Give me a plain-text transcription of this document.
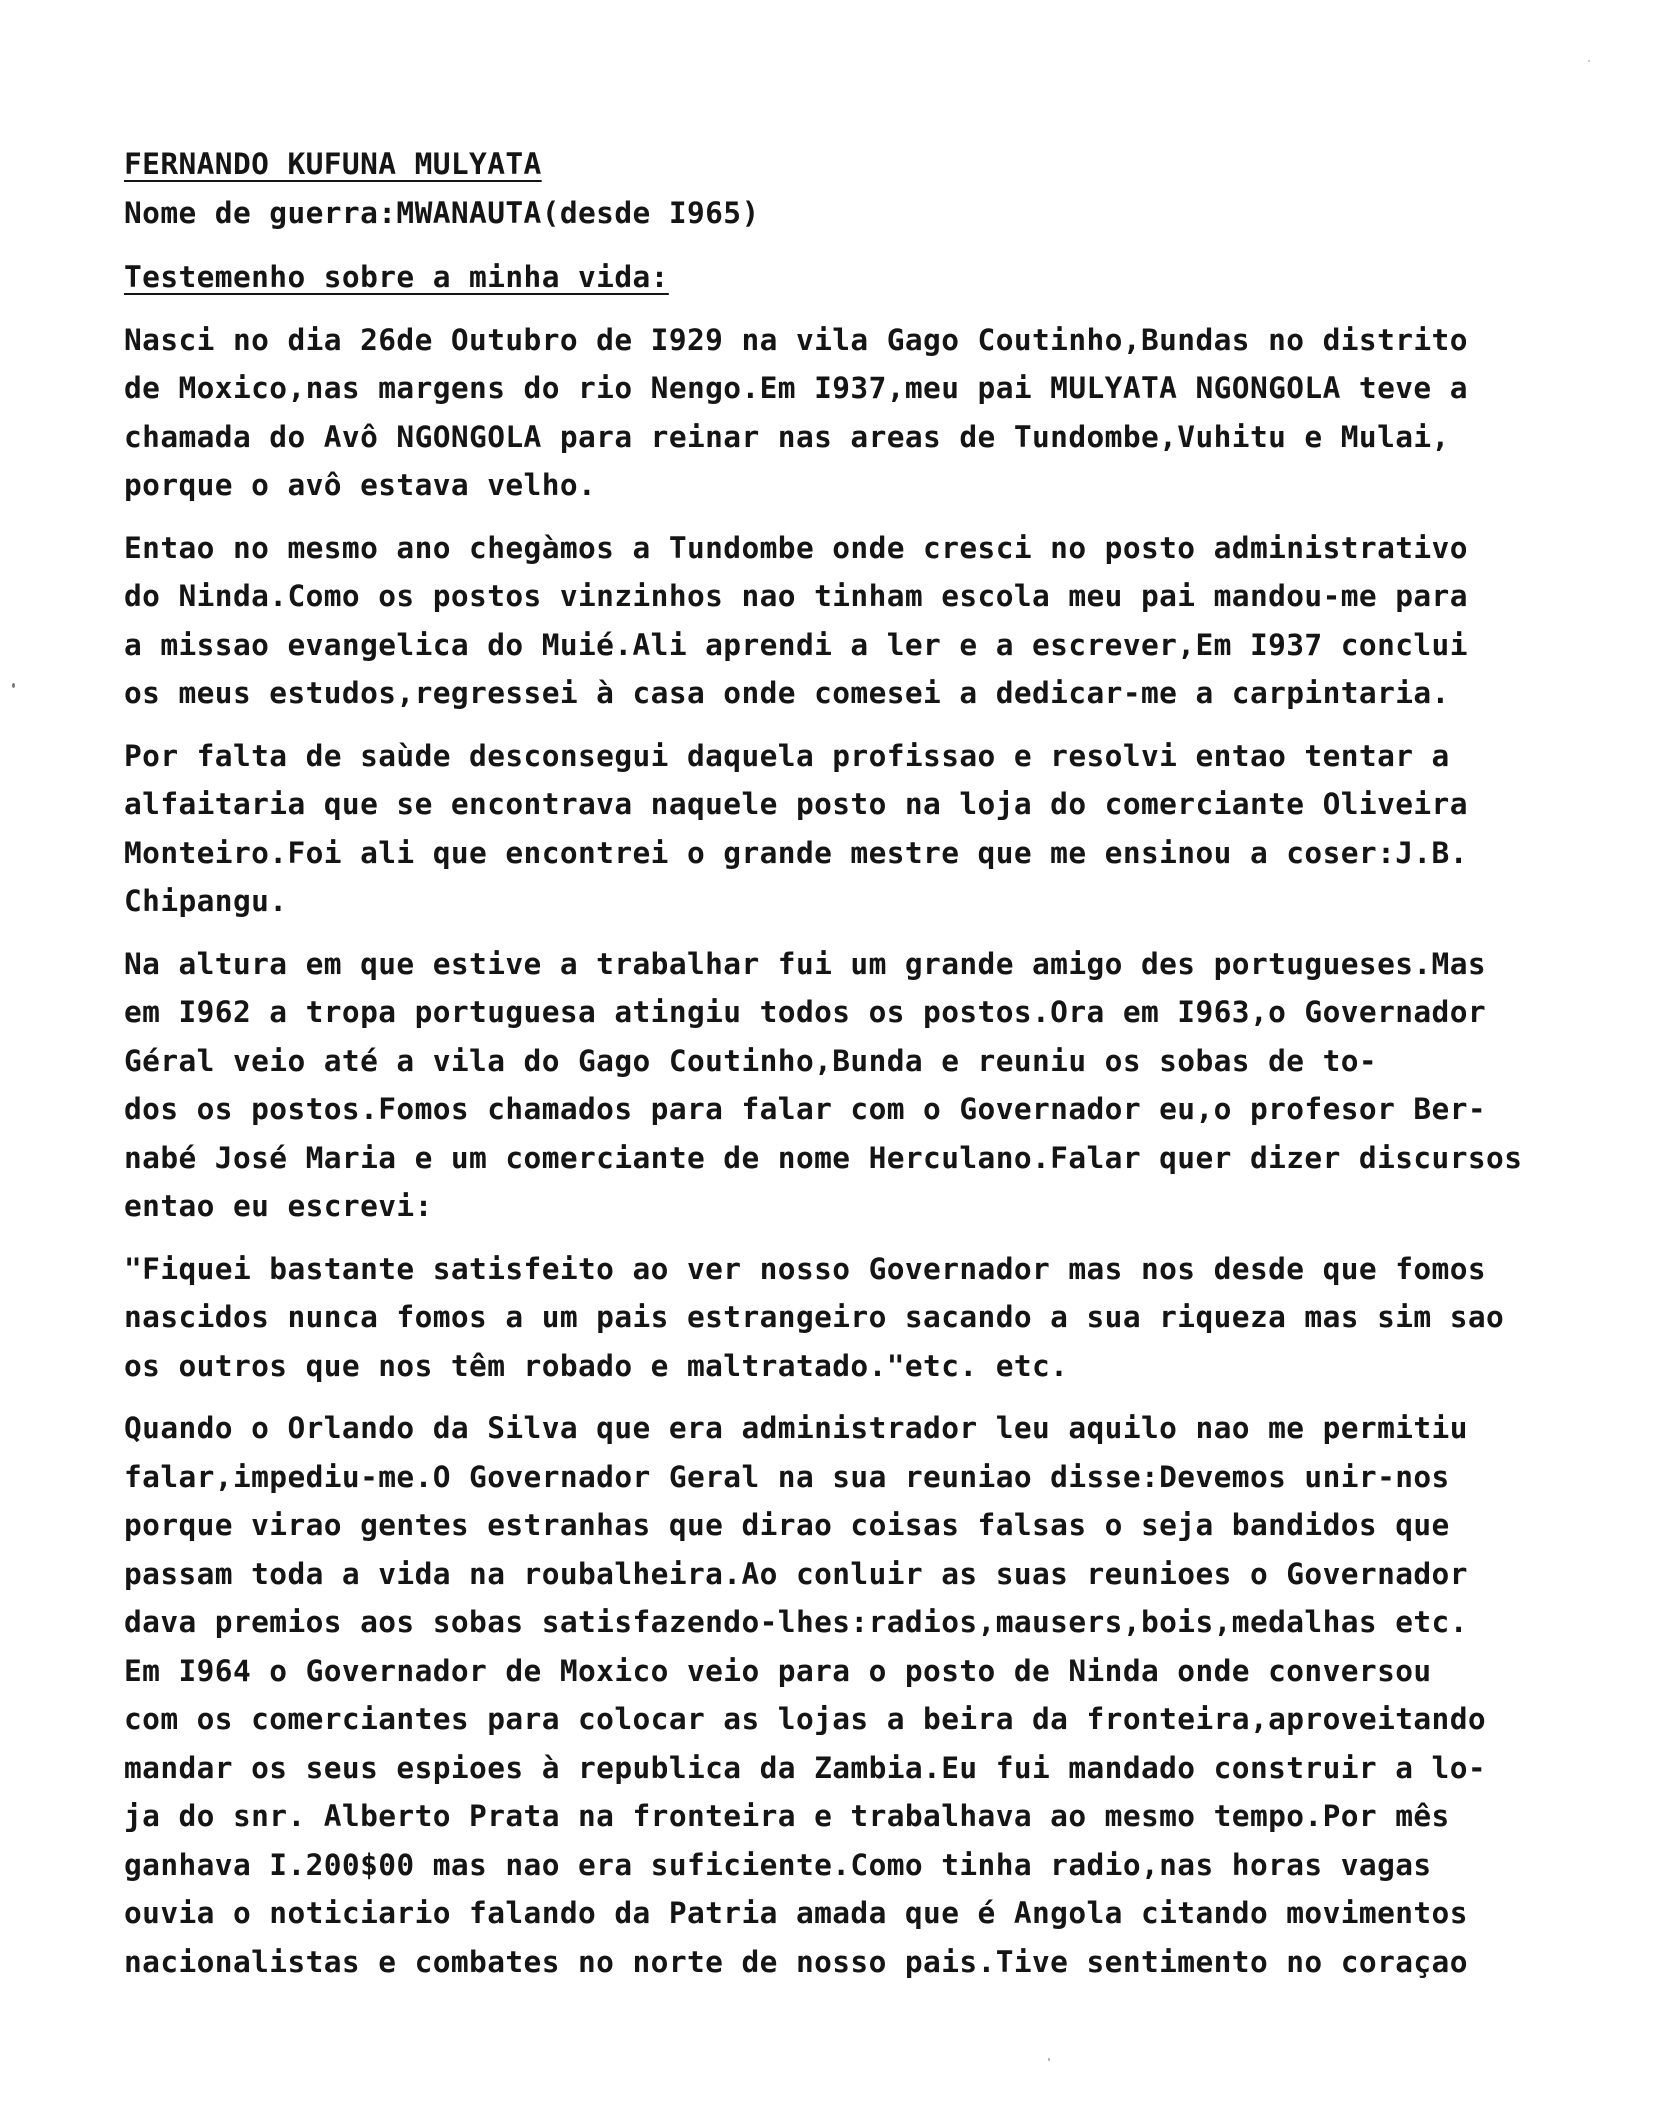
FERNANDO KUFUNA MULYATA
Nome de guerra:MWANAUTA(desde I965)
Testemenho sobre a minha vida:
Nasci no dia 26de Outubro de I929 na vila Gago Coutinho,Bundas no distrito
de Moxico,nas margens do rio Nengo.Em I937,meu pai MULYATA NGONGOLA teve a
chamada do Avô NGONGOLA para reinar nas areas de Tundombe,Vuhitu e Mulai,
porque o avô estava velho.
Entao no mesmo ano chegàmos a Tundombe onde cresci no posto administrativo
do Ninda.Como os postos vinzinhos nao tinham escola meu pai mandou-me para
a missao evangelica do Muié.Ali aprendi a ler e a escrever,Em I937 conclui
os meus estudos,regressei à casa onde comesei a dedicar-me a carpintaria.
Por falta de saùde desconsegui daquela profissao e resolvi entao tentar a
alfaitaria que se encontrava naquele posto na loja do comerciante Oliveira
Monteiro.Foi ali que encontrei o grande mestre que me ensinou a coser:J.B.
Chipangu.
Na altura em que estive a trabalhar fui um grande amigo des portugueses.Mas
em I962 a tropa portuguesa atingiu todos os postos.Ora em I963,o Governador
Géral veio até a vila do Gago Coutinho,Bunda e reuniu os sobas de to-
dos os postos.Fomos chamados para falar com o Governador eu,o profesor Ber-
nabé José Maria e um comerciante de nome Herculano.Falar quer dizer discursos
entao eu escrevi:
"Fiquei bastante satisfeito ao ver nosso Governador mas nos desde que fomos
nascidos nunca fomos a um pais estrangeiro sacando a sua riqueza mas sim sao
os outros que nos têm robado e maltratado."etc. etc.
Quando o Orlando da Silva que era administrador leu aquilo nao me permitiu
falar,impediu-me.O Governador Geral na sua reuniao disse:Devemos unir-nos
porque virao gentes estranhas que dirao coisas falsas o seja bandidos que
passam toda a vida na roubalheira.Ao conluir as suas reunioes o Governador
dava premios aos sobas satisfazendo-lhes:radios,mausers,bois,medalhas etc.
Em I964 o Governador de Moxico veio para o posto de Ninda onde conversou
com os comerciantes para colocar as lojas a beira da fronteira,aproveitando
mandar os seus espioes à republica da Zambia.Eu fui mandado construir a lo-
ja do snr. Alberto Prata na fronteira e trabalhava ao mesmo tempo.Por mês
ganhava I.200$00 mas nao era suficiente.Como tinha radio,nas horas vagas
ouvia o noticiario falando da Patria amada que é Angola citando movimentos
nacionalistas e combates no norte de nosso pais.Tive sentimento no coraçao
